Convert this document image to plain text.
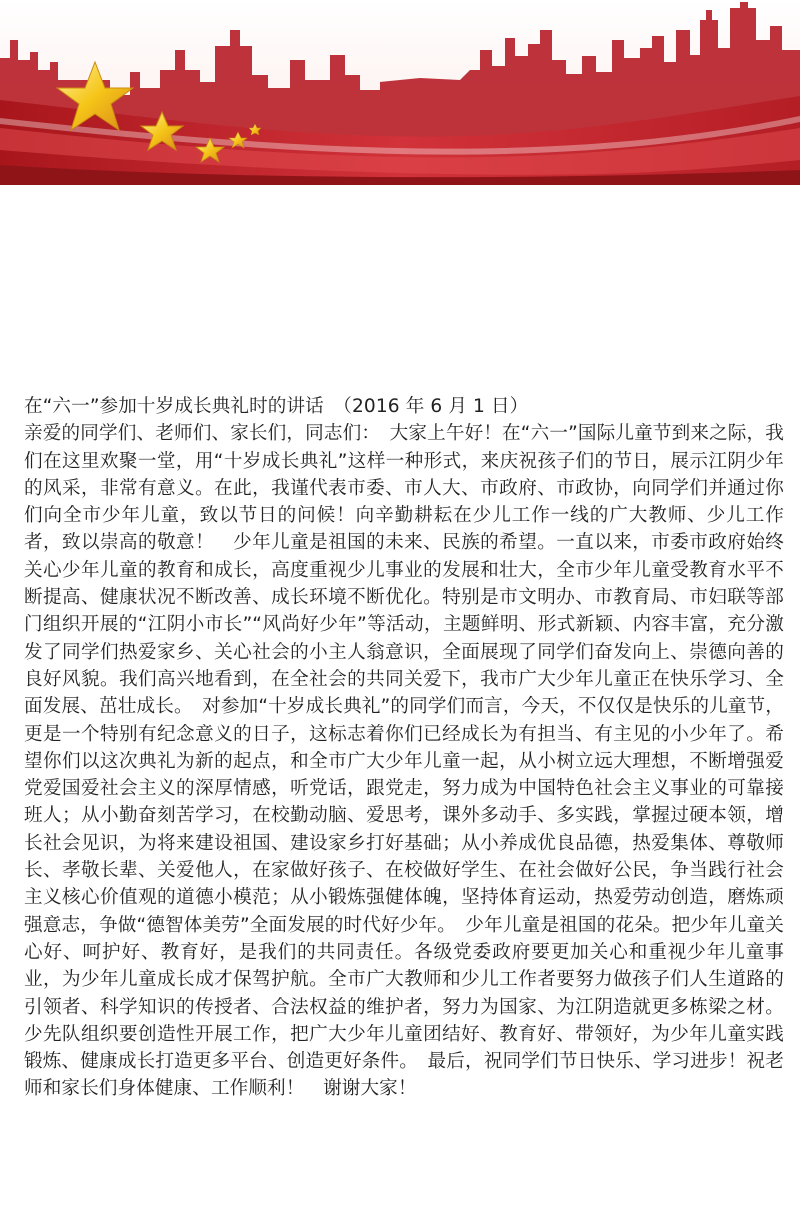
在“六一”参加十岁成长典礼时的讲话　（2016 年 6 月 1 日）

亲爱的同学们、老师们、家长们，同志们：　大家上午好！在“六一”国际儿童节到来之际，我们在这里欢聚一堂，用“十岁成长典礼”这样一种形式，来庆祝孩子们的节日，展示江阴少年的风采，非常有意义。在此，我谨代表市委、市人大、市政府、市政协，向同学们并通过你们向全市少年儿童，致以节日的问候！向辛勤耕耘在少儿工作一线的广大教师、少儿工作者，致以崇高的敬意！　少年儿童是祖国的未来、民族的希望。一直以来，市委市政府始终关心少年儿童的教育和成长，高度重视少儿事业的发展和壮大，全市少年儿童受教育水平不断提高、健康状况不断改善、成长环境不断优化。特别是市文明办、市教育局、市妇联等部门组织开展的“江阴小市长”“风尚好少年”等活动，主题鲜明、形式新颖、内容丰富，充分激发了同学们热爱家乡、关心社会的小主人翁意识，全面展现了同学们奋发向上、崇德向善的良好风貌。我们高兴地看到，在全社会的共同关爱下，我市广大少年儿童正在快乐学习、全面发展、茁壮成长。　对参加“十岁成长典礼”的同学们而言，今天，不仅仅是快乐的儿童节，更是一个特别有纪念意义的日子，这标志着你们已经成长为有担当、有主见的小少年了。希望你们以这次典礼为新的起点，和全市广大少年儿童一起，从小树立远大理想，不断增强爱党爱国爱社会主义的深厚情感，听党话，跟党走，努力成为中国特色社会主义事业的可靠接班人；从小勤奋刻苦学习，在校勤动脑、爱思考，课外多动手、多实践，掌握过硬本领，增长社会见识，为将来建设祖国、建设家乡打好基础；从小养成优良品德，热爱集体、尊敬师长、孝敬长辈、关爱他人，在家做好孩子、在校做好学生、在社会做好公民，争当践行社会主义核心价值观的道德小模范；从小锻炼强健体魄，坚持体育运动，热爱劳动创造，磨炼顽强意志，争做“德智体美劳”全面发展的时代好少年。　少年儿童是祖国的花朵。把少年儿童关心好、呵护好、教育好，是我们的共同责任。各级党委政府要更加关心和重视少年儿童事业，为少年儿童成长成才保驾护航。全市广大教师和少儿工作者要努力做孩子们人生道路的引领者、科学知识的传授者、合法权益的维护者，努力为国家、为江阴造就更多栋梁之材。少先队组织要创造性开展工作，把广大少年儿童团结好、教育好、带领好，为少年儿童实践锻炼、健康成长打造更多平台、创造更好条件。　最后，祝同学们节日快乐、学习进步！祝老师和家长们身体健康、工作顺利！　谢谢大家！
